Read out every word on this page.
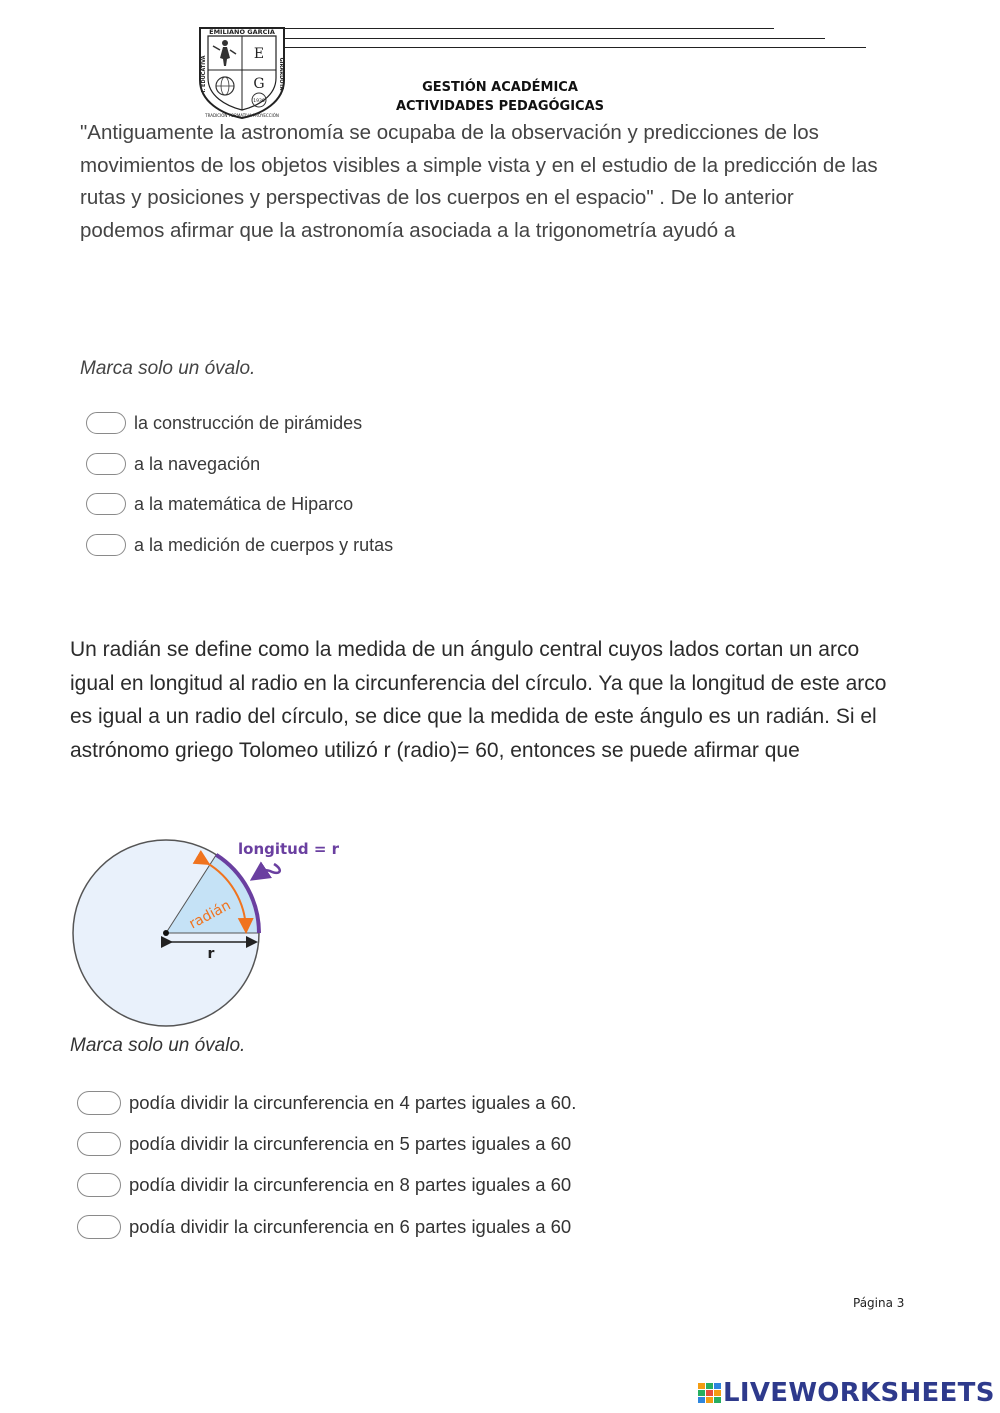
EMILIANO GARCÍA
I. EDUCATIVA	GIRARDOTA
TRADICIÓN FORMATIVA PROYECCIÓN
E
G
1936
GESTIÓN ACADÉMICA
ACTIVIDADES PEDAGÓGICAS
"Antiguamente la astronomía se ocupaba de la observación y predicciones de los movimientos de los objetos visibles a simple vista y en el estudio de la predicción de las rutas y posiciones y perspectivas de los cuerpos en el espacio" . De lo anterior podemos afirmar que la astronomía asociada a la trigonometría ayudó a
Marca solo un óvalo.
la construcción de pirámides
a la navegación
a la matemática de Hiparco
a la medición de cuerpos y rutas
Un radián se define como la medida de un ángulo central cuyos lados cortan un arco igual en longitud al radio en la circunferencia del círculo. Ya que la longitud de este arco es igual a un radio del círculo, se dice que la medida de este ángulo es un radián. Si el astrónomo griego Tolomeo utilizó r (radio)= 60, entonces se puede afirmar que
longitud = r
radián
r
Marca solo un óvalo.
podía dividir la circunferencia en 4 partes iguales a 60.
podía dividir la circunferencia en 5 partes iguales a 60
podía dividir la circunferencia en 8 partes iguales a 60
podía dividir la circunferencia en 6 partes iguales a 60
Página 3
LIVEWORKSHEETS
